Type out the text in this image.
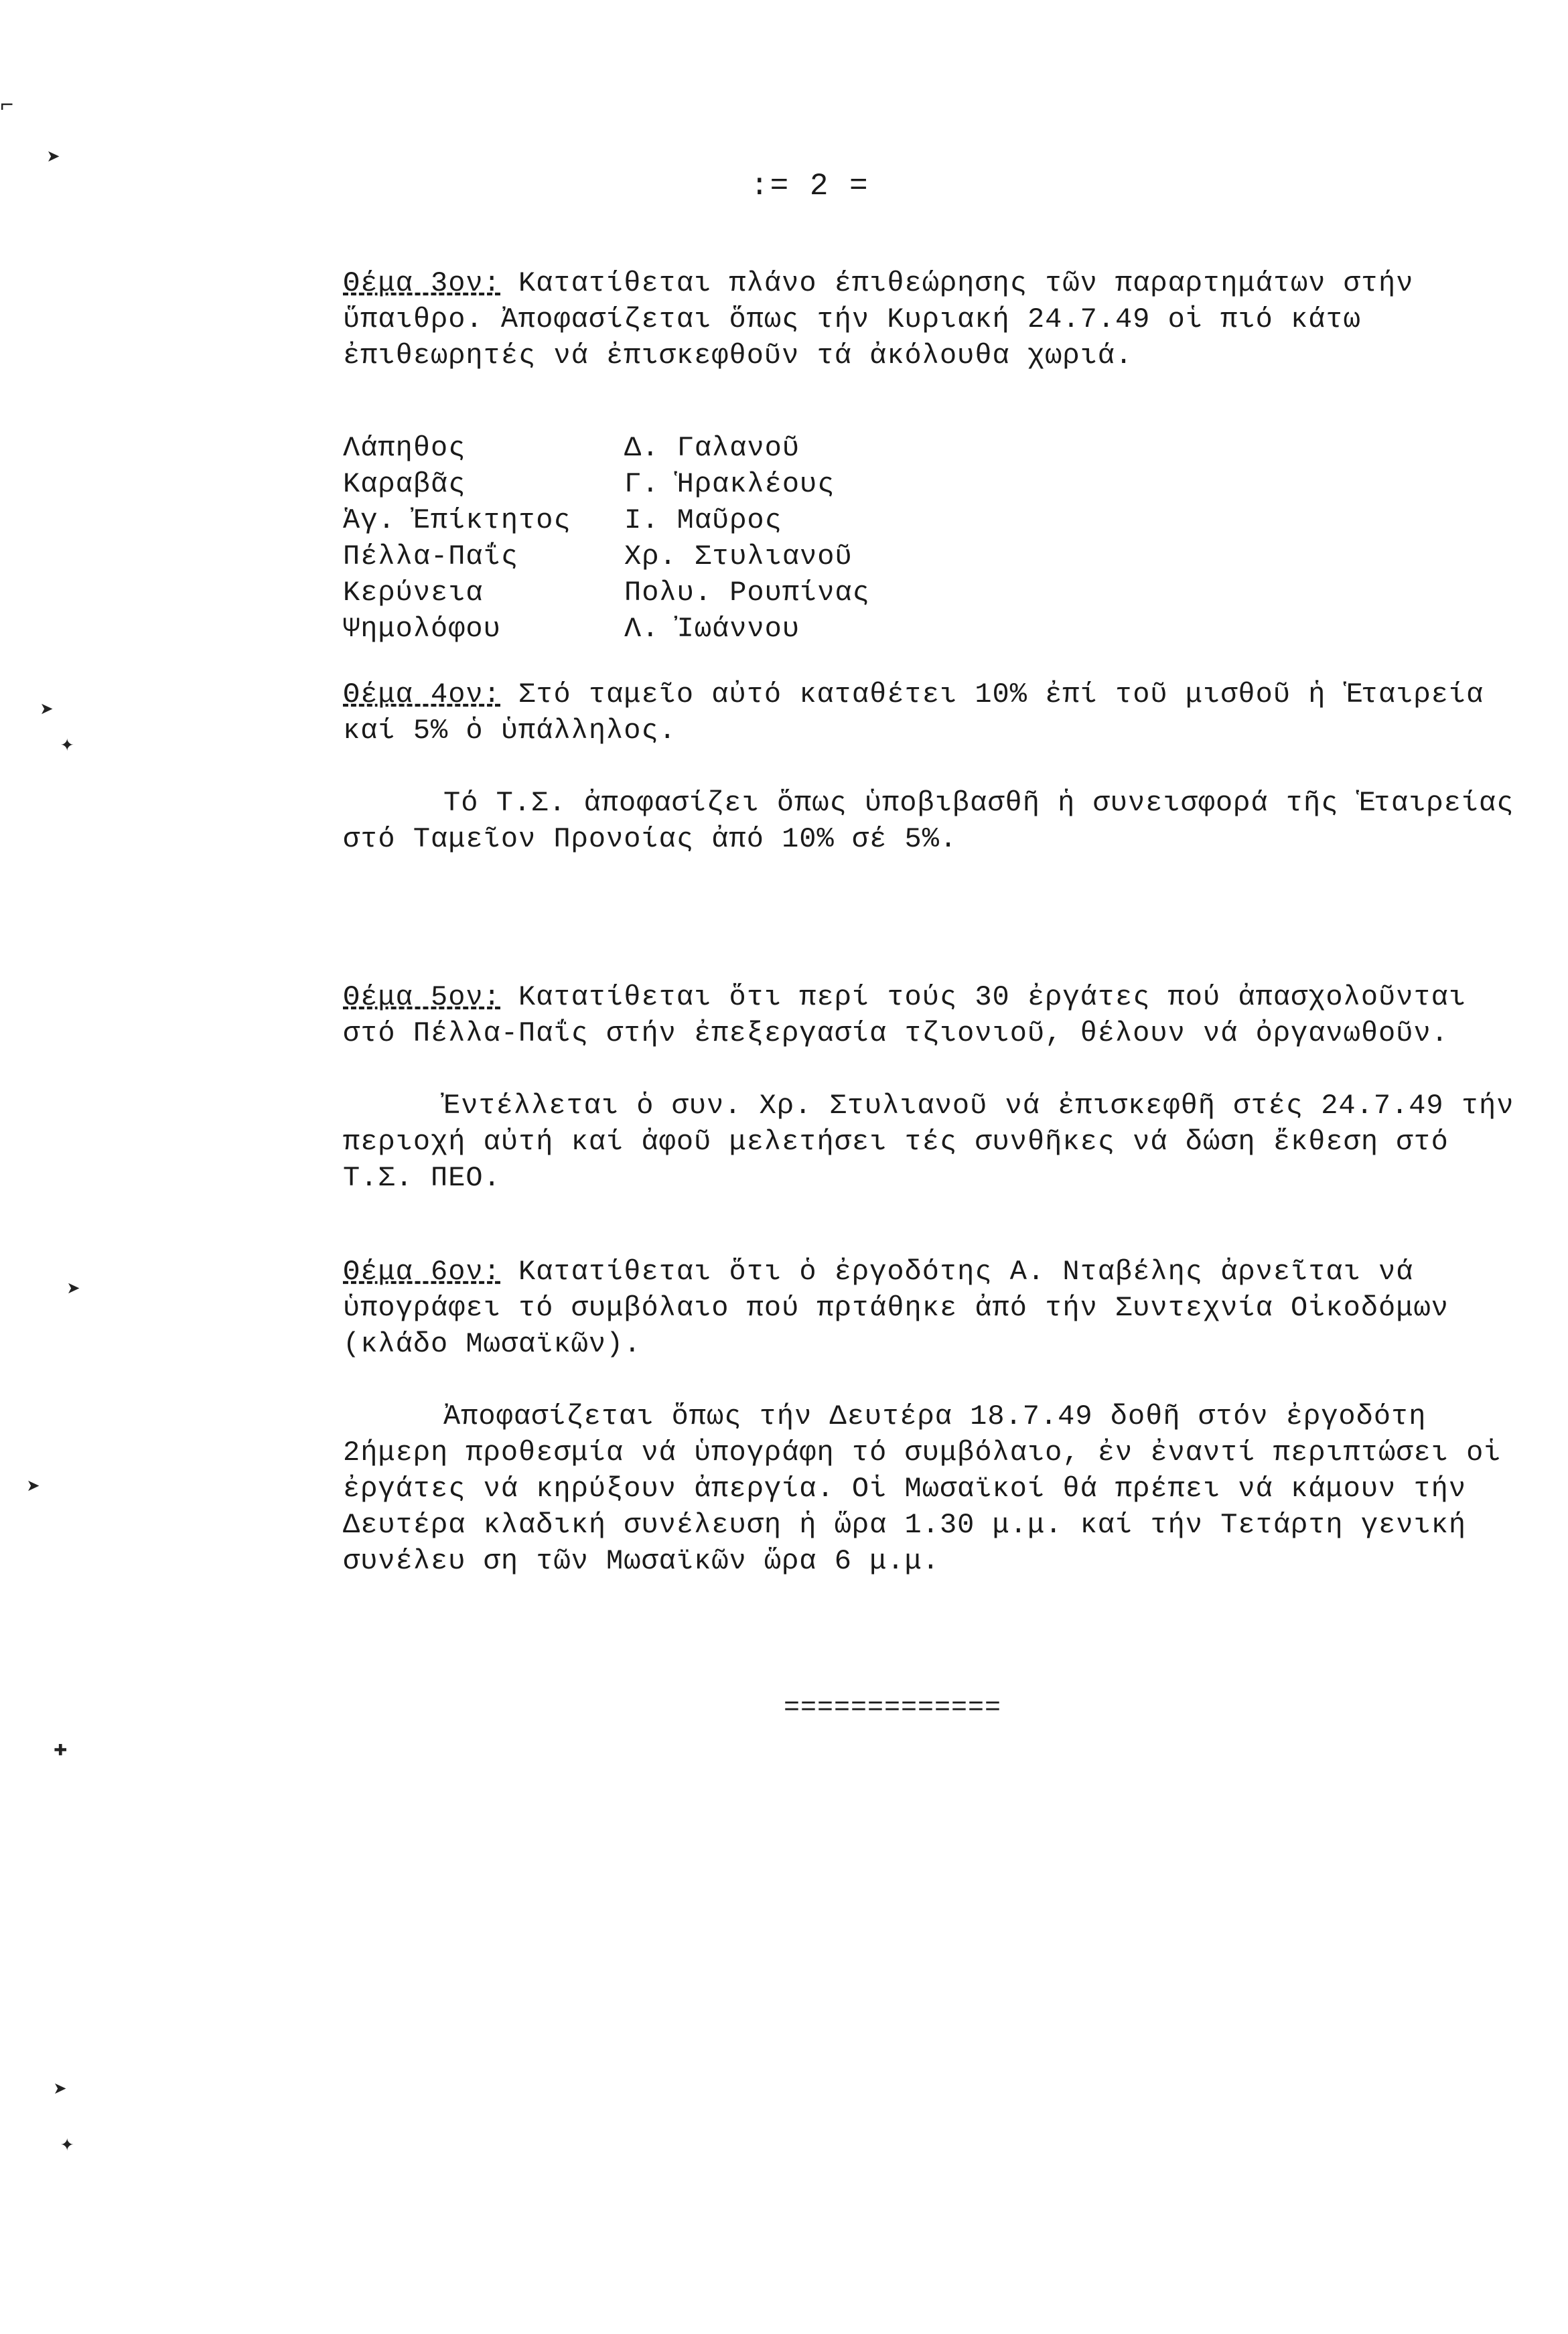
⌐
➤
➤
✦
➤
➤
✚
➤
✦
:= 2 =

Θέμα 3ον: Κατατίθεται πλάνο έπιθεώρησης τῶν παραρτημάτων στήν ὕπαιθρο. Ἀποφασίζεται ὅπως τήν Κυριακή 24.7.49 οἱ πιό κάτω ἐπιθεωρητές νά ἐπισκεφθοῦν τά ἀκόλουθα χωριά.

Λάπηθος	Δ. Γαλανοῦ
Καραβᾶς	Γ. Ἡρακλέους
Ἁγ. Ἐπίκτητος	Ι. Μαῦρος
Πέλλα-Παΐς	Χρ. Στυλιανοῦ
Κερύνεια	Πολυ. Ρουπίνας
Ψημολόφου	Λ. Ἰωάννου

Θέμα 4ον: Στό ταμεῖο αὐτό καταθέτει 10% ἐπί τοῦ μισθοῦ ἡ Ἑταιρεία καί 5% ὁ ὑπάλληλος.

Τό Τ.Σ. ἀποφασίζει ὅπως ὑποβιβασθῆ ἡ συνεισφορά τῆς Ἑταιρείας στό Ταμεῖον Προνοίας ἀπό 10% σέ 5%.

Θέμα 5ον: Κατατίθεται ὅτι περί τούς 30 ἐργάτες πού ἀπασχολοῦνται στό Πέλλα-Παΐς στήν ἐπεξεργασία τζιονιοῦ, θέλουν νά ὀργανωθοῦν.

Ἐντέλλεται ὁ συν. Χρ. Στυλιανοῦ νά ἐπισκεφθῆ στές 24.7.49 τήν περιοχή αὐτή καί ἀφοῦ μελετήσει τές συνθῆκες νά δώση ἔκθεση στό Τ.Σ. ΠΕΟ.

Θέμα 6ον: Κατατίθεται ὅτι ὁ ἐργοδότης Α. Νταβέλης ἀρνεῖται νά ὑπογράφει τό συμβόλαιο πού πρτάθηκε ἀπό τήν Συντεχνία Οἰκοδόμων (κλάδο Μωσαϊκῶν).

Ἀποφασίζεται ὅπως τήν Δευτέρα 18.7.49 δοθῆ στόν ἐργοδότη 2ήμερη προθεσμία νά ὑπογράφη τό συμβόλαιο, ἐν ἐναντί περιπτώσει οἱ ἐργάτες νά κηρύξουν ἀπεργία. Οἱ Μωσαϊκοί θά πρέπει νά κάμουν τήν Δευτέρα κλαδική συνέλευση ἡ ὥρα 1.30 μ.μ. καί τήν Τετάρτη γενική συνέλευ ση τῶν Μωσαϊκῶν ὥρα 6 μ.μ.

=============
